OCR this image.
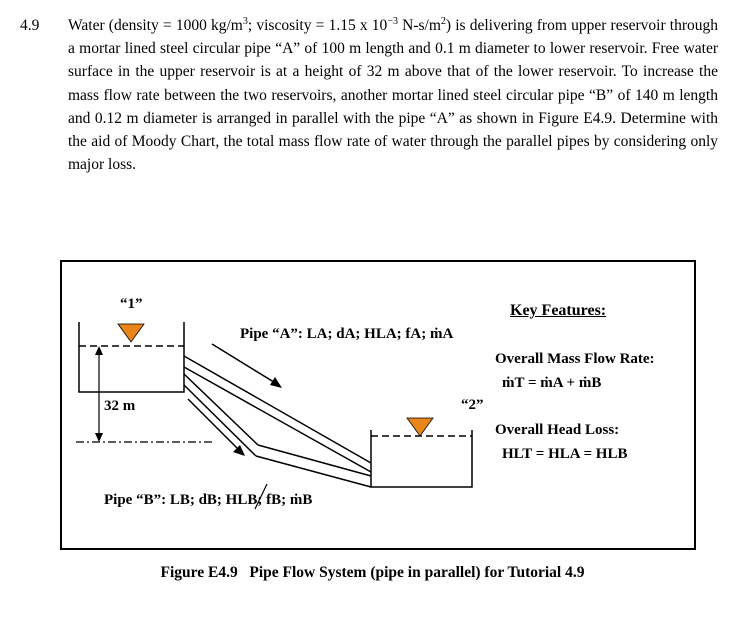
4.9 Water (density = 1000 $kg/m^3$; viscosity = 1.15 x $10^{-3}$ $N-s/m^2$) is delivering from upper reservoir through a mortar lined steel circular pipe “A” of 100 m length and 0.1 m diameter to lower reservoir. Free water surface in the upper reservoir is at a height of 32 m above that of the lower reservoir. To increase the mass flow rate between the two reservoirs, another mortar lined steel circular pipe “B” of 140 m length and 0.12 m diameter is arranged in parallel with the pipe “A” as shown in Figure E4.9. Determine with the aid of Moody Chart, the total mass flow rate of water through the parallel pipes by considering only major loss.
“1”
32 m
Pipe “A”: LA; dA; HLA; fA; ṁA
Pipe “B”: LB; dB; HLB; fB; ṁB
“2”
Key Features:
Overall Mass Flow Rate:
ṁT = ṁA + ṁB
Overall Head Loss:
HLT = HLA = HLB
Figure E4.9   Pipe Flow System (pipe in parallel) for Tutorial 4.9
